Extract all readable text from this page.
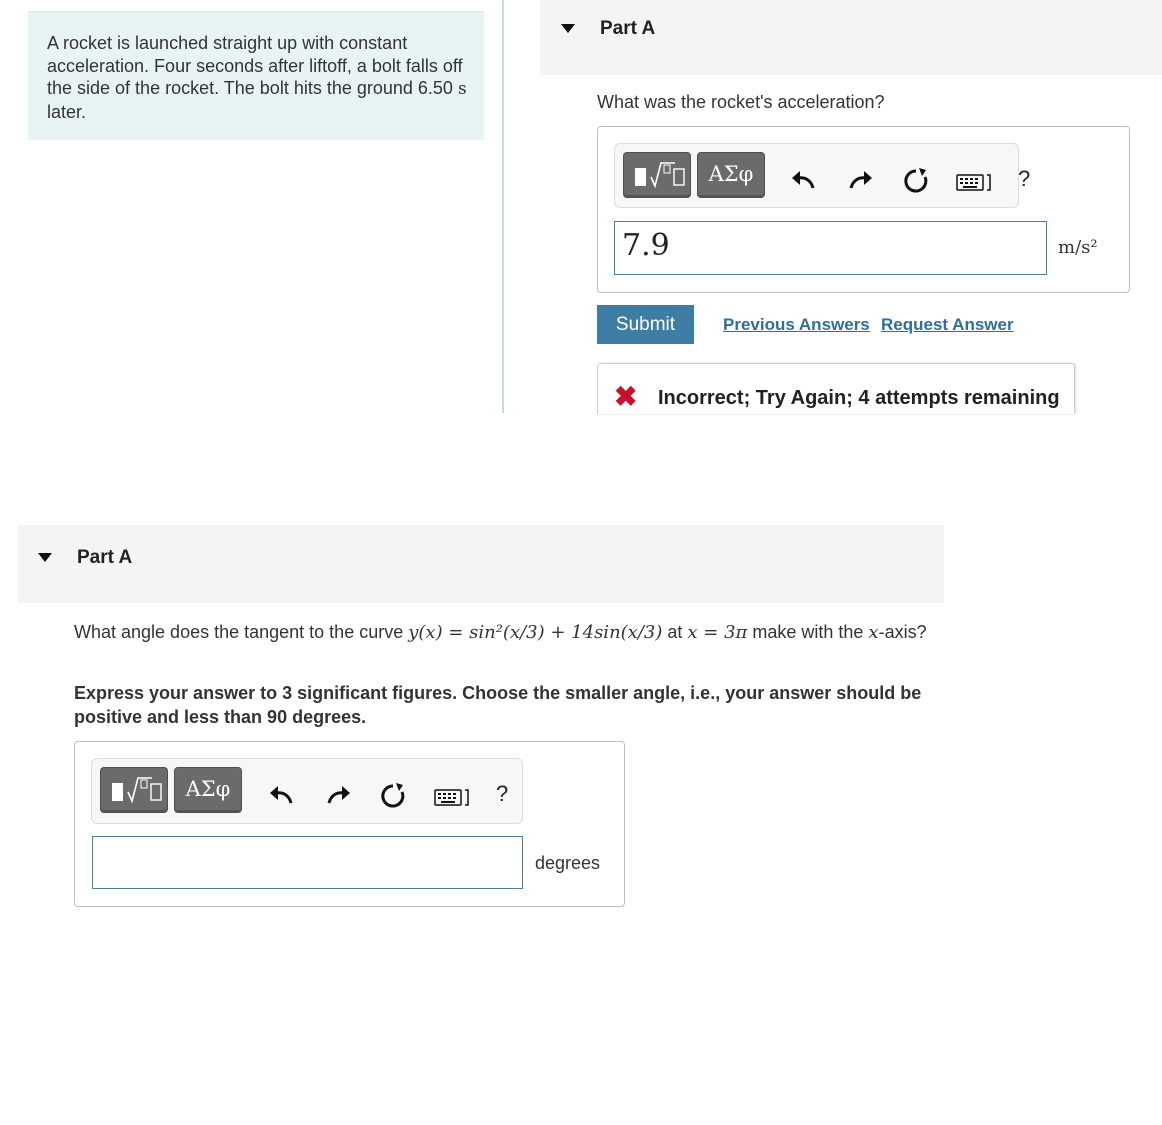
A rocket is launched straight up with constant acceleration. Four seconds after liftoff, a bolt falls off the side of the rocket. The bolt hits the ground 6.50 s later.

Part A
What was the rocket's acceleration?
ΑΣφ	?
7.9	m/s²
Submit	Previous Answers Request Answer
✖ Incorrect; Try Again; 4 attempts remaining
Part A
What angle does the tangent to the curve y(x) = sin²(x/3) + 14sin(x/3) at x = 3π make with the x-axis?
Express your answer to 3 significant figures. Choose the smaller angle, i.e., your answer should be positive and less than 90 degrees.
ΑΣφ	?
degrees
